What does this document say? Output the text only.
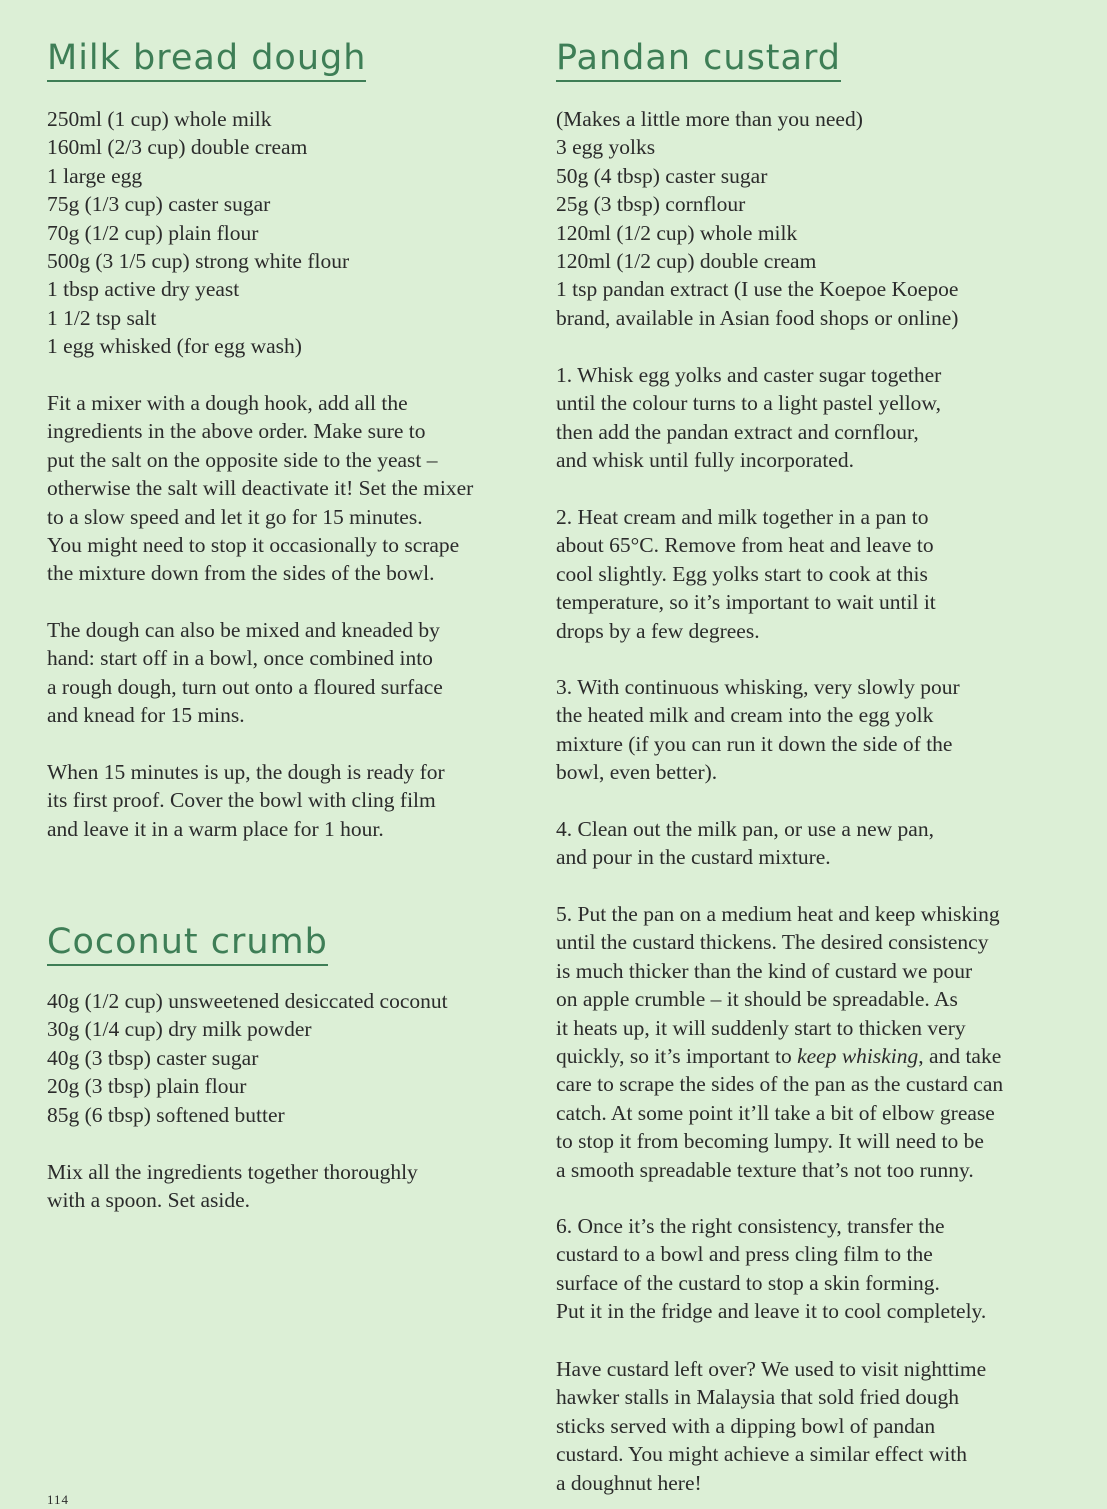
Milk bread dough
250ml (1 cup) whole milk
160ml (2/3 cup) double cream
1 large egg
75g (1/3 cup) caster sugar
70g (1/2 cup) plain flour
500g (3 1/5 cup) strong white flour
1 tbsp active dry yeast
1 1/2 tsp salt
1 egg whisked (for egg wash)
Fit a mixer with a dough hook, add all the
ingredients in the above order. Make sure to
put the salt on the opposite side to the yeast –
otherwise the salt will deactivate it! Set the mixer
to a slow speed and let it go for 15 minutes.
You might need to stop it occasionally to scrape
the mixture down from the sides of the bowl.
The dough can also be mixed and kneaded by
hand: start off in a bowl, once combined into
a rough dough, turn out onto a floured surface
and knead for 15 mins.
When 15 minutes is up, the dough is ready for
its first proof. Cover the bowl with cling film
and leave it in a warm place for 1 hour.
Coconut crumb
40g (1/2 cup) unsweetened desiccated coconut
30g (1/4 cup) dry milk powder
40g (3 tbsp) caster sugar
20g (3 tbsp) plain flour
85g (6 tbsp) softened butter
Mix all the ingredients together thoroughly
with a spoon. Set aside.
Pandan custard
(Makes a little more than you need)
3 egg yolks
50g (4 tbsp) caster sugar
25g (3 tbsp) cornflour
120ml (1/2 cup) whole milk
120ml (1/2 cup) double cream
1 tsp pandan extract (I use the Koepoe Koepoe
brand, available in Asian food shops or online)
1. Whisk egg yolks and caster sugar together
until the colour turns to a light pastel yellow,
then add the pandan extract and cornflour,
and whisk until fully incorporated.
2. Heat cream and milk together in a pan to
about 65°C. Remove from heat and leave to
cool slightly. Egg yolks start to cook at this
temperature, so it’s important to wait until it
drops by a few degrees.
3. With continuous whisking, very slowly pour
the heated milk and cream into the egg yolk
mixture (if you can run it down the side of the
bowl, even better).
4. Clean out the milk pan, or use a new pan,
and pour in the custard mixture.
5. Put the pan on a medium heat and keep whisking
until the custard thickens. The desired consistency
is much thicker than the kind of custard we pour
on apple crumble – it should be spreadable. As
it heats up, it will suddenly start to thicken very
quickly, so it’s important to keep whisking, and take
care to scrape the sides of the pan as the custard can
catch. At some point it’ll take a bit of elbow grease
to stop it from becoming lumpy. It will need to be
a smooth spreadable texture that’s not too runny.
6. Once it’s the right consistency, transfer the
custard to a bowl and press cling film to the
surface of the custard to stop a skin forming.
Put it in the fridge and leave it to cool completely.
Have custard left over? We used to visit nighttime
hawker stalls in Malaysia that sold fried dough
sticks served with a dipping bowl of pandan
custard. You might achieve a similar effect with
a doughnut here!
114
